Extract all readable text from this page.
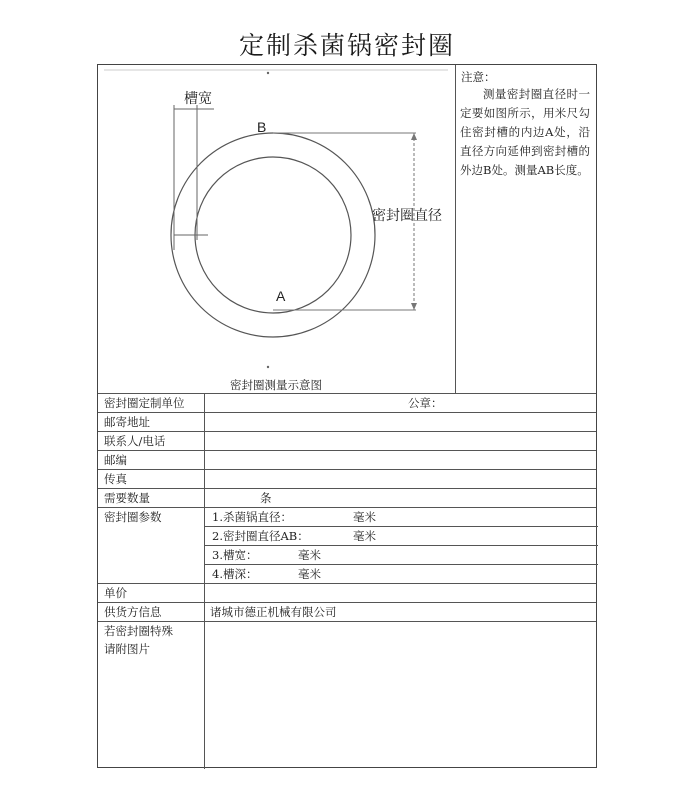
定制杀菌锅密封圈
槽宽
B
A
密封圈直径
密封圈测量示意图
注意：
测量密封圈直径时一定要如图所示，用米尺勾住密封槽的内边A处，沿直径方向延伸到密封槽的外边B处。测量AB长度。
密封圈定制单位	公章：
邮寄地址
联系人/电话
邮编
传真
需要数量	条
密封圈参数	1.杀菌锅直径：	毫米
2.密封圈直径AB：	毫米
3.槽宽：	毫米
4.槽深：	毫米
单价
供货方信息	诸城市德正机械有限公司
若密封圈特殊
请附图片
